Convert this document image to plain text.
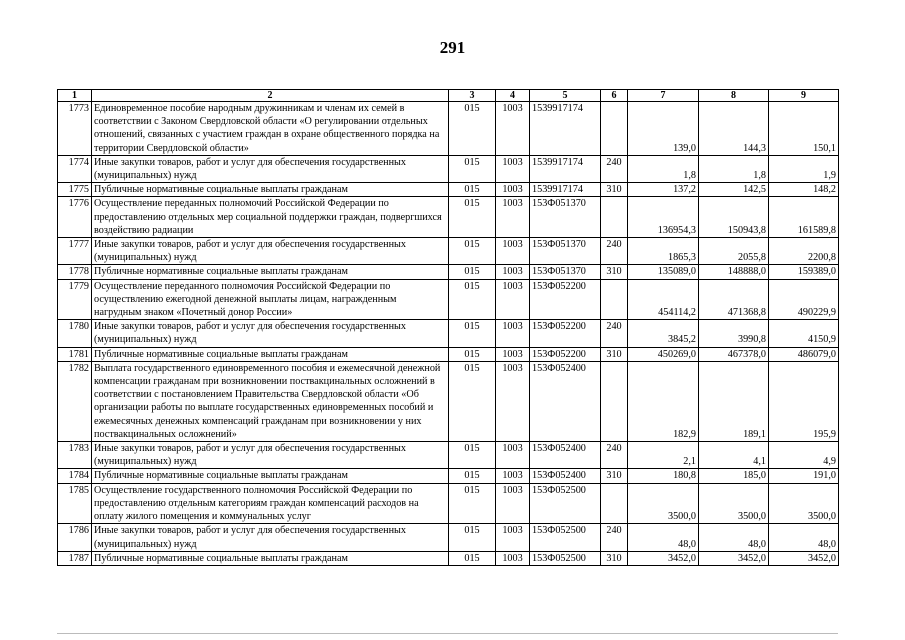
291
1	2	3	4	5	6	7	8	9
1773	Единовременное пособие народным дружинникам и членам их семей в соответствии с Законом Свердловской области «О регулировании отдельных отношений, связанных с участием граждан в охране общественного порядка на территории Свердловской области»	015	1003	1539917174		139,0	144,3	150,1
1774	Иные закупки товаров, работ и услуг для обеспечения государственных (муниципальных) нужд	015	1003	1539917174	240	1,8	1,8	1,9
1775	Публичные нормативные социальные выплаты гражданам	015	1003	1539917174	310	137,2	142,5	148,2
1776	Осуществление переданных полномочий Российской Федерации по предоставлению отдельных мер социальной поддержки граждан, подвергшихся воздействию радиации	015	1003	153Ф051370		136954,3	150943,8	161589,8
1777	Иные закупки товаров, работ и услуг для обеспечения государственных (муниципальных) нужд	015	1003	153Ф051370	240	1865,3	2055,8	2200,8
1778	Публичные нормативные социальные выплаты гражданам	015	1003	153Ф051370	310	135089,0	148888,0	159389,0
1779	Осуществление переданного полномочия Российской Федерации по осуществлению ежегодной денежной выплаты лицам, награжденным нагрудным знаком «Почетный донор России»	015	1003	153Ф052200		454114,2	471368,8	490229,9
1780	Иные закупки товаров, работ и услуг для обеспечения государственных (муниципальных) нужд	015	1003	153Ф052200	240	3845,2	3990,8	4150,9
1781	Публичные нормативные социальные выплаты гражданам	015	1003	153Ф052200	310	450269,0	467378,0	486079,0
1782	Выплата государственного единовременного пособия и ежемесячной денежной компенсации гражданам при возникновении поствакцинальных осложнений в соответствии с постановлением Правительства Свердловской области «Об организации работы по выплате государственных единовременных пособий и ежемесячных денежных компенсаций гражданам при возникновении у них поствакцинальных осложнений»	015	1003	153Ф052400		182,9	189,1	195,9
1783	Иные закупки товаров, работ и услуг для обеспечения государственных (муниципальных) нужд	015	1003	153Ф052400	240	2,1	4,1	4,9
1784	Публичные нормативные социальные выплаты гражданам	015	1003	153Ф052400	310	180,8	185,0	191,0
1785	Осуществление государственного полномочия Российской Федерации по предоставлению отдельным категориям граждан компенсаций расходов на оплату жилого помещения и коммунальных услуг	015	1003	153Ф052500		3500,0	3500,0	3500,0
1786	Иные закупки товаров, работ и услуг для обеспечения государственных (муниципальных) нужд	015	1003	153Ф052500	240	48,0	48,0	48,0
1787	Публичные нормативные социальные выплаты гражданам	015	1003	153Ф052500	310	3452,0	3452,0	3452,0
